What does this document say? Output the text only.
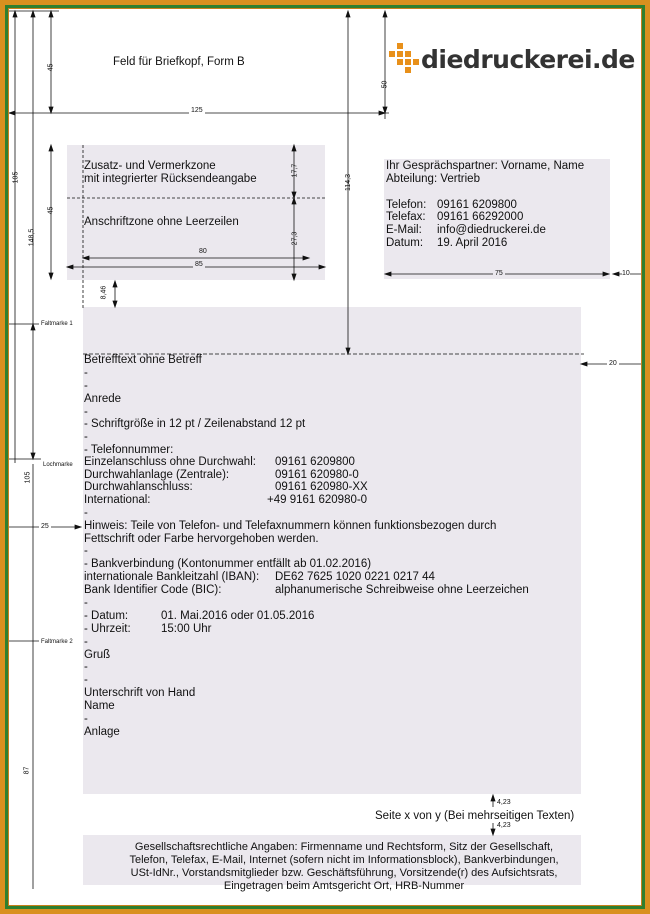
45
125
50
105
148,5
45
17,7
27,3
114,3
80
85
75	10
8,46
20
105
25
87
4,23
4,23
Faltmarke 1
Lochmarke
Faltmarke 2
Feld für Briefkopf, Form B	diedruckerei.de
Zusatz- und Vermerkzone
mit integrierter Rücksendeangabe
Anschriftzone ohne Leerzeilen
Ihr Gesprächspartner: Vorname, Name
Abteilung: Vertrieb
Telefon: 09161 6209800
Telefax: 09161 66292000
E-Mail: info@diedruckerei.de
Datum: 19. April 2016
Betrefftext ohne Betreff
-
-
Anrede
-
- Schriftgröße in 12 pt / Zeilenabstand 12 pt
-
- Telefonnummer:
Einzelanschluss ohne Durchwahl: 09161 6209800
Durchwahlanlage (Zentrale):	09161 620980-0
Durchwahlanschluss:	09161 620980-XX
International:	+49 9161 620980-0
-
Hinweis: Teile von Telefon- und Telefaxnummern können funktionsbezogen durch
Fettschrift oder Farbe hervorgehoben werden.
-
- Bankverbindung (Kontonummer entfällt ab 01.02.2016)
internationale Bankleitzahl (IBAN): DE62 7625 1020 0221 0217 44
Bank Identifier Code (BIC):	alphanumerische Schreibweise ohne Leerzeichen
-
- Datum:	01. Mai.2016 oder 01.05.2016
- Uhrzeit:	15:00 Uhr
-
Gruß
-
-
Unterschrift von Hand
Name
-
Anlage
Seite x von y (Bei mehrseitigen Texten)
Gesellschaftsrechtliche Angaben: Firmenname und Rechtsform, Sitz der Gesellschaft,
Telefon, Telefax, E-Mail, Internet (sofern nicht im Informationsblock), Bankverbindungen,
USt-IdNr., Vorstandsmitglieder bzw. Geschäftsführung, Vorsitzende(r) des Aufsichtsrats,
Eingetragen beim Amtsgericht Ort, HRB-Nummer
